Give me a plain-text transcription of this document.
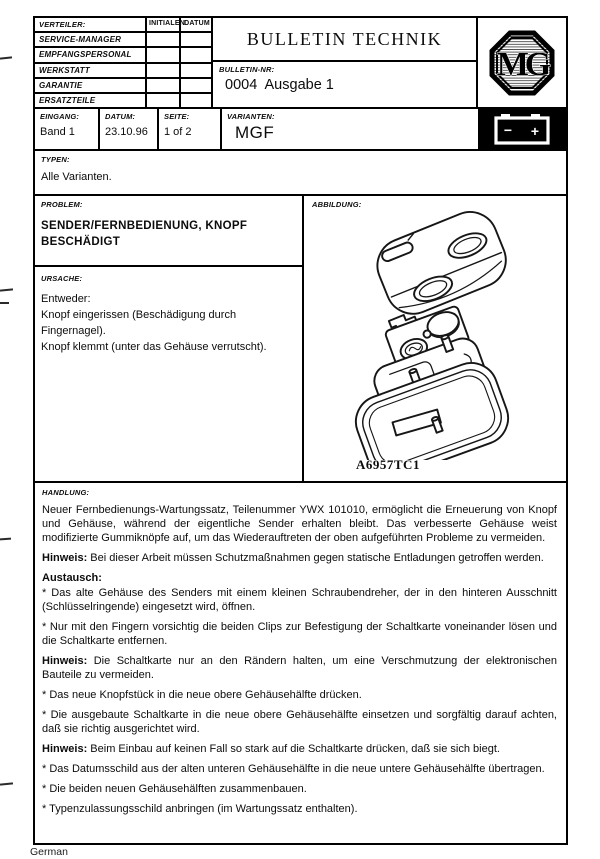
VERTEILER:	INITIALEN DATUM
SERVICE-MANAGER
EMPFANGSPERSONAL
WERKSTATT
GARANTIE
ERSATZTEILE
BULLETIN TECHNIK
BULLETIN-NR:
0004  Ausgabe 1
MG
EINGANG:
Band 1
DATUM:
23.10.96
SEITE:
1 of 2
VARIANTEN:
MGF	− +
TYPEN:
Alle Varianten.
PROBLEM:
SENDER/FERNBEDIENUNG, KNOPF BESCHÄDIGT
URSACHE:
Entweder:
Knopf eingerissen (Beschädigung durch Fingernagel).
Knopf klemmt (unter das Gehäuse verrutscht).
ABBILDUNG:
A6957TC1
HANDLUNG:

Neuer Fernbedienungs-Wartungssatz, Teilenummer YWX 101010, ermöglicht die Erneuerung von Knopf und Gehäuse, während der eigentliche Sender erhalten bleibt. Das verbesserte Gehäuse weist modifizierte Gummiknöpfe auf, um das Wiederauftreten der oben aufgeführten Probleme zu vermeiden.

Hinweis: Bei dieser Arbeit müssen Schutzmaßnahmen gegen statische Entladungen getroffen werden.

Austausch:

* Das alte Gehäuse des Senders mit einem kleinen Schraubendreher, der in den hinteren Ausschnitt (Schlüsselringende) eingesetzt wird, öffnen.

* Nur mit den Fingern vorsichtig die beiden Clips zur Befestigung der Schaltkarte voneinander lösen und die Schaltkarte entfernen.

Hinweis: Die Schaltkarte nur an den Rändern halten, um eine Verschmutzung der elektronischen Bauteile zu vermeiden.

* Das neue Knopfstück in die neue obere Gehäusehälfte drücken.

* Die ausgebaute Schaltkarte in die neue obere Gehäusehälfte einsetzen und sorgfältig darauf achten, daß sie richtig ausgerichtet wird.

Hinweis: Beim Einbau auf keinen Fall so stark auf die Schaltkarte drücken, daß sie sich biegt.

* Das Datumsschild aus der alten unteren Gehäusehälfte in die neue untere Gehäusehälfte übertragen.

* Die beiden neuen Gehäusehälften zusammenbauen.

* Typenzulassungsschild anbringen (im Wartungssatz enthalten).

German
